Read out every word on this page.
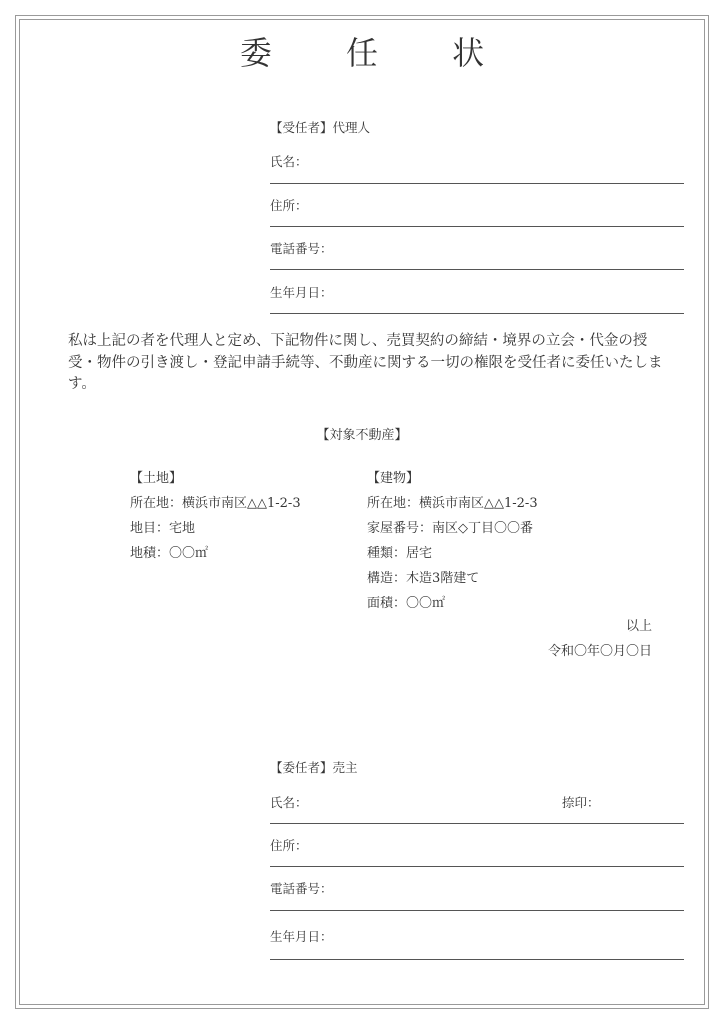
委 任 状
【受任者】代理人
氏名：
住所：
電話番号：
生年月日：
私は上記の者を代理人と定め、下記物件に関し、売買契約の締結・境界の立会・代金の授受・物件の引き渡し・登記申請手続等、不動産に関する一切の権限を受任者に委任いたします。
【対象不動産】
【土地】
所在地：横浜市南区△△1-2-3
地目：宅地
地積：〇〇㎡
【建物】
所在地：横浜市南区△△1-2-3
家屋番号：南区◇丁目〇〇番
種類：居宅
構造：木造3階建て
面積：〇〇㎡
以上
令和〇年〇月〇日
【委任者】売主
氏名：	捺印：
住所：
電話番号：
生年月日：
